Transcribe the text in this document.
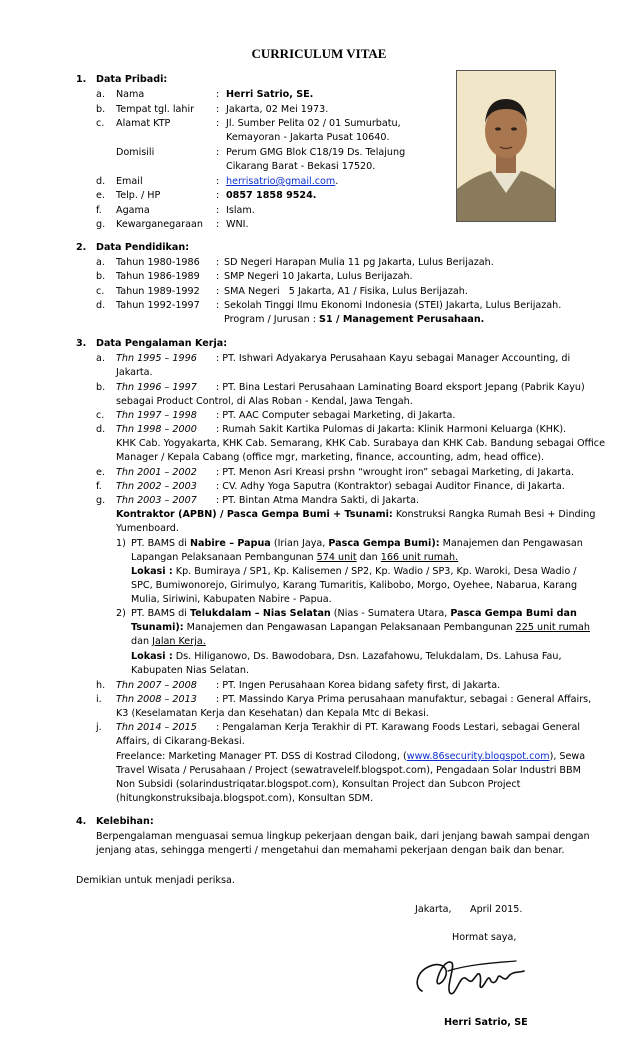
CURRICULUM VITAE
1. Data Pribadi:
a. Nama	: Herri Satrio, SE.
b. Tempat tgl. lahir : Jakarta, 02 Mei 1973.
c. Alamat KTP	: Jl. Sumber Pelita 02 / 01 Sumurbatu,
Kemayoran - Jakarta Pusat 10640.
Domisili	: Perum GMG Blok C18/19 Ds. Telajung
Cikarang Barat - Bekasi 17520.
d. Email	: herrisatrio@gmail.com.
e. Telp. / HP	: 0857 1858 9524.
f. Agama	: Islam.
g. Kewarganegaraan : WNI.
2. Data Pendidikan:
a. Tahun 1980-1986 : SD Negeri Harapan Mulia 11 pg Jakarta, Lulus Berijazah.
b. Tahun 1986-1989 : SMP Negeri 10 Jakarta, Lulus Berijazah.
c. Tahun 1989-1992 : SMA Negeri   5 Jakarta, A1 / Fisika, Lulus Berijazah.
d. Tahun 1992-1997 : Sekolah Tinggi Ilmu Ekonomi Indonesia (STEI) Jakarta, Lulus Berijazah.
Program / Jurusan : S1 / Management Perusahaan.
3. Data Pengalaman Kerja:
a. Thn 1995 – 1996 : PT. Ishwari Adyakarya Perusahaan Kayu sebagai Manager Accounting, di
Jakarta.
b. Thn 1996 – 1997 : PT. Bina Lestari Perusahaan Laminating Board eksport Jepang (Pabrik Kayu)
sebagai Product Control, di Alas Roban - Kendal, Jawa Tengah.
c. Thn 1997 – 1998 : PT. AAC Computer sebagai Marketing, di Jakarta.
d. Thn 1998 – 2000 : Rumah Sakit Kartika Pulomas di Jakarta: Klinik Harmoni Keluarga (KHK).
KHK Cab. Yogyakarta, KHK Cab. Semarang, KHK Cab. Surabaya dan KHK Cab. Bandung sebagai Office
Manager / Kepala Cabang (office mgr, marketing, finance, accounting, adm, head office).
e. Thn 2001 – 2002 : PT. Menon Asri Kreasi prshn “wrought iron” sebagai Marketing, di Jakarta.
f. Thn 2002 – 2003 : CV. Adhy Yoga Saputra (Kontraktor) sebagai Auditor Finance, di Jakarta.
g. Thn 2003 – 2007 : PT. Bintan Atma Mandra Sakti, di Jakarta.
Kontraktor (APBN) / Pasca Gempa Bumi + Tsunami: Konstruksi Rangka Rumah Besi + Dinding
Yumenboard.
1) PT. BAMS di Nabire – Papua (Irian Jaya, Pasca Gempa Bumi): Manajemen dan Pengawasan
Lapangan Pelaksanaan Pembangunan 574 unit dan 166 unit rumah.
Lokasi : Kp. Bumiraya / SP1, Kp. Kalisemen / SP2, Kp. Wadio / SP3, Kp. Waroki, Desa Wadio /
SPC, Bumiwonorejo, Girimulyo, Karang Tumaritis, Kalibobo, Morgo, Oyehee, Nabarua, Karang
Mulia, Siriwini, Kabupaten Nabire - Papua.
2) PT. BAMS di Telukdalam – Nias Selatan (Nias - Sumatera Utara, Pasca Gempa Bumi dan
Tsunami): Manajemen dan Pengawasan Lapangan Pelaksanaan Pembangunan 225 unit rumah
dan Jalan Kerja.
Lokasi : Ds. Hiliganowo, Ds. Bawodobara, Dsn. Lazafahowu, Telukdalam, Ds. Lahusa Fau,
Kabupaten Nias Selatan.
h. Thn 2007 – 2008 : PT. Ingen Perusahaan Korea bidang safety first, di Jakarta.
i. Thn 2008 – 2013 : PT. Massindo Karya Prima perusahaan manufaktur, sebagai : General Affairs,
K3 (Keselamatan Kerja dan Kesehatan) dan Kepala Mtc di Bekasi.
j. Thn 2014 – 2015 : Pengalaman Kerja Terakhir di PT. Karawang Foods Lestari, sebagai General
Affairs, di Cikarang-Bekasi.
Freelance: Marketing Manager PT. DSS di Kostrad Cilodong, (www.86security.blogspot.com), Sewa
Travel Wisata / Perusahaan / Project (sewatravelelf.blogspot.com), Pengadaan Solar Industri BBM
Non Subsidi (solarindustriqatar.blogspot.com), Konsultan Project dan Subcon Project
(hitungkonstruksibaja.blogspot.com), Konsultan SDM.
4. Kelebihan:
Berpengalaman menguasai semua lingkup pekerjaan dengan baik, dari jenjang bawah sampai dengan
jenjang atas, sehingga mengerti / mengetahui dan memahami pekerjaan dengan baik dan benar.
Demikian untuk menjadi periksa.
Jakarta, April 2015.
Hormat saya,
Herri Satrio, SE
